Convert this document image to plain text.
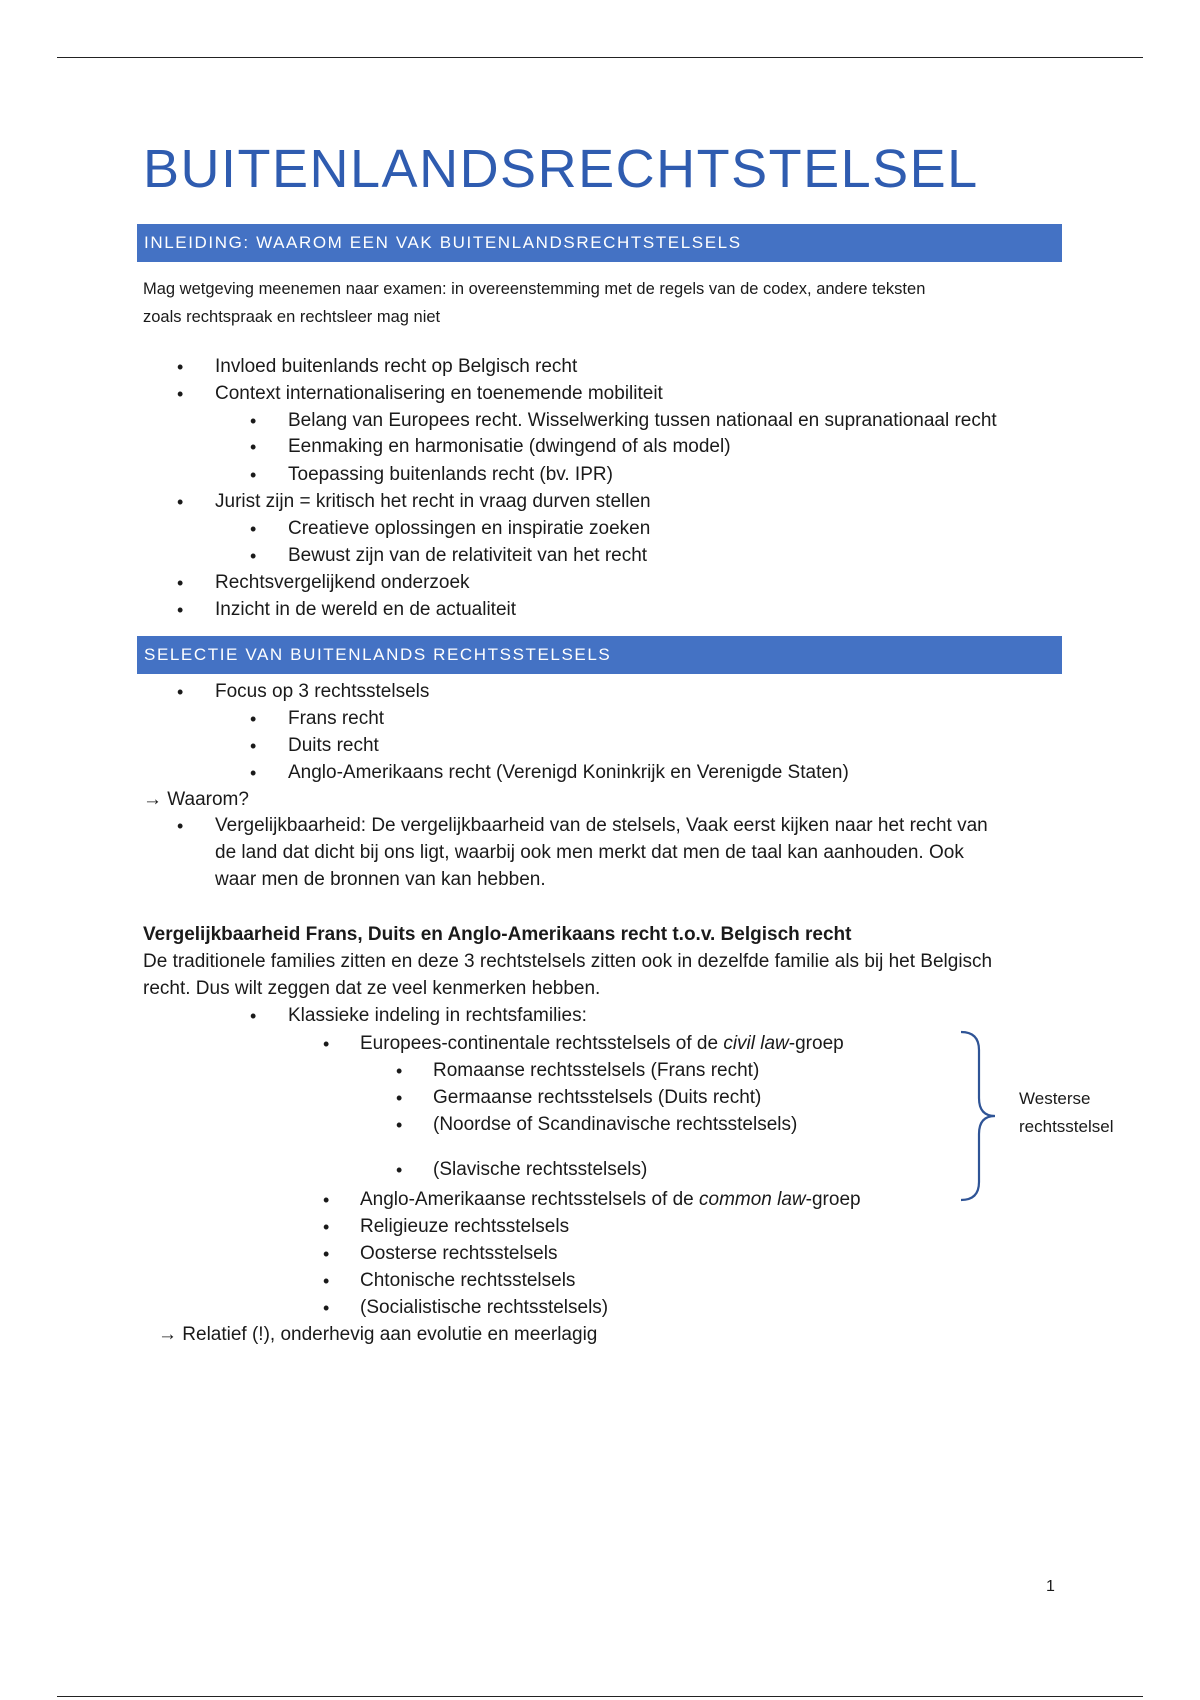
BUITENLANDSRECHTSTELSEL
INLEIDING: WAAROM EEN VAK BUITENLANDSRECHTSTELSELS
Mag wetgeving meenemen naar examen: in overeenstemming met de regels van de codex, andere teksten
zoals rechtspraak en rechtsleer mag niet
• Invloed buitenlands recht op Belgisch recht
• Context internationalisering en toenemende mobiliteit
• Belang van Europees recht. Wisselwerking tussen nationaal en supranationaal recht
• Eenmaking en harmonisatie (dwingend of als model)
• Toepassing buitenlands recht (bv. IPR)
• Jurist zijn = kritisch het recht in vraag durven stellen
• Creatieve oplossingen en inspiratie zoeken
• Bewust zijn van de relativiteit van het recht
• Rechtsvergelijkend onderzoek
• Inzicht in de wereld en de actualiteit
SELECTIE VAN BUITENLANDS RECHTSSTELSELS
• Focus op 3 rechtsstelsels
• Frans recht
• Duits recht
• Anglo-Amerikaans recht (Verenigd Koninkrijk en Verenigde Staten)
→ Waarom?
• Vergelijkbaarheid: De vergelijkbaarheid van de stelsels, Vaak eerst kijken naar het recht van
de land dat dicht bij ons ligt, waarbij ook men merkt dat men de taal kan aanhouden. Ook
waar men de bronnen van kan hebben.
Vergelijkbaarheid Frans, Duits en Anglo-Amerikaans recht t.o.v. Belgisch recht
De traditionele families zitten en deze 3 rechtstelsels zitten ook in dezelfde familie als bij het Belgisch
recht. Dus wilt zeggen dat ze veel kenmerken hebben.
• Klassieke indeling in rechtsfamilies:
• Europees-continentale rechtsstelsels of de civil law-groep
• Romaanse rechtsstelsels (Frans recht)
• Germaanse rechtsstelsels (Duits recht)
• (Noordse of Scandinavische rechtsstelsels)
• (Slavische rechtsstelsels)
• Anglo-Amerikaanse rechtsstelsels of de common law-groep
• Religieuze rechtsstelsels
• Oosterse rechtsstelsels
• Chtonische rechtsstelsels
• (Socialistische rechtsstelsels)
Westerse
rechtsstelsel
→ Relatief (!), onderhevig aan evolutie en meerlagig
1
